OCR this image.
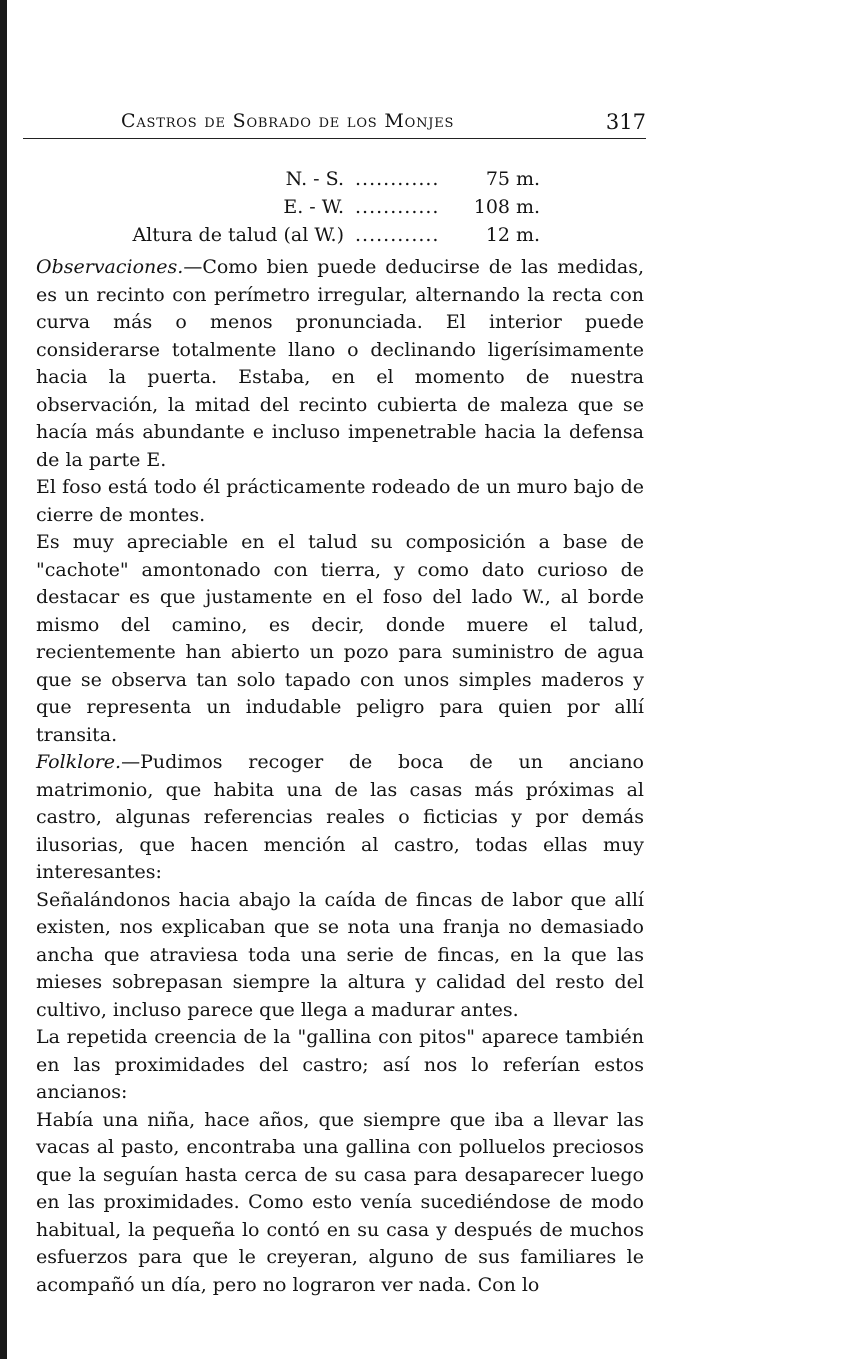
Castros de Sobrado de los Monjes	317
N. - S. ............ 75 m.
E. - W. ............ 108 m.
Altura de talud (al W.) ............ 12 m.

Observaciones.—Como bien puede deducirse de las medidas, es un recinto con perímetro irregular, alternando la recta con curva más o menos pronunciada. El interior puede considerarse totalmente llano o declinando ligerísimamente hacia la puerta. Estaba, en el momento de nuestra observación, la mitad del recinto cubierta de maleza que se hacía más abundante e incluso impenetrable hacia la defensa de la parte E.

El foso está todo él prácticamente rodeado de un muro bajo de cierre de montes.

Es muy apreciable en el talud su composición a base de "cachote" amontonado con tierra, y como dato curioso de destacar es que justamente en el foso del lado W., al borde mismo del camino, es decir, donde muere el talud, recientemente han abierto un pozo para suministro de agua que se observa tan solo tapado con unos simples maderos y que representa un indudable peligro para quien por allí transita.

Folklore.—Pudimos recoger de boca de un anciano matrimonio, que habita una de las casas más próximas al castro, algunas referencias reales o ficticias y por demás ilusorias, que hacen mención al castro, todas ellas muy interesantes:

Señalándonos hacia abajo la caída de fincas de labor que allí existen, nos explicaban que se nota una franja no demasiado ancha que atraviesa toda una serie de fincas, en la que las mieses sobrepasan siempre la altura y calidad del resto del cultivo, incluso parece que llega a madurar antes.

La repetida creencia de la "gallina con pitos" aparece también en las proximidades del castro; así nos lo referían estos ancianos:

Había una niña, hace años, que siempre que iba a llevar las vacas al pasto, encontraba una gallina con polluelos preciosos que la seguían hasta cerca de su casa para desaparecer luego en las proximidades. Como esto venía sucediéndose de modo habitual, la pequeña lo contó en su casa y después de muchos esfuerzos para que le creyeran, alguno de sus familiares le acompañó un día, pero no lograron ver nada. Con lo
